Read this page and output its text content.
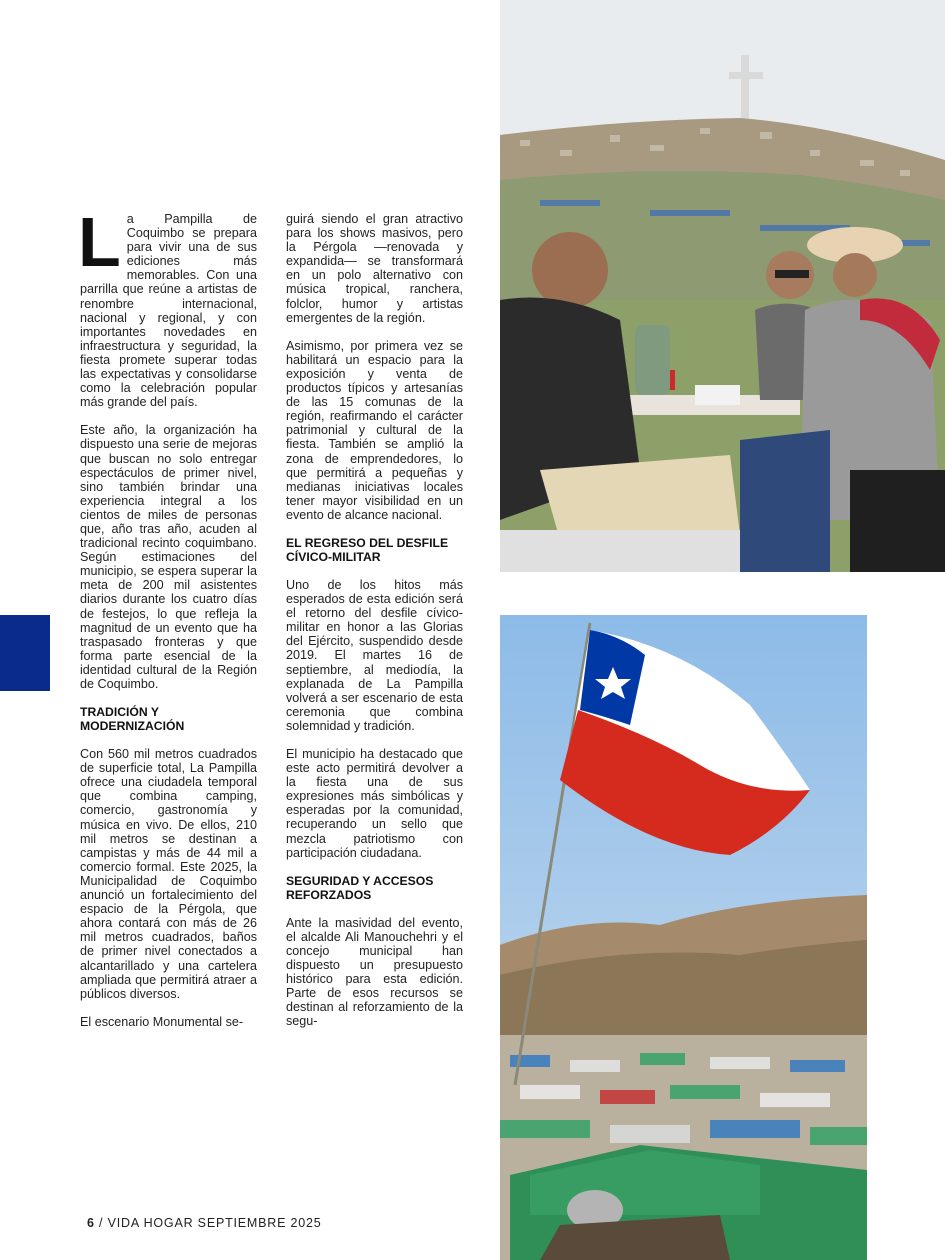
La Pampilla de Coquimbo se prepara para vivir una de sus ediciones más memorables. Con una parrilla que reúne a artistas de renombre internacional, nacional y regional, y con importantes novedades en infraestructura y seguridad, la fiesta promete superar todas las expectativas y consolidarse como la celebración popular más grande del país.

Este año, la organización ha dispuesto una serie de mejoras que buscan no solo entregar espectáculos de primer nivel, sino también brindar una experiencia integral a los cientos de miles de personas que, año tras año, acuden al tradicional recinto coquimbano. Según estimaciones del municipio, se espera superar la meta de 200 mil asistentes diarios durante los cuatro días de festejos, lo que refleja la magnitud de un evento que ha traspasado fronteras y que forma parte esencial de la identidad cultural de la Región de Coquimbo.

TRADICIÓN Y MODERNIZACIÓN

Con 560 mil metros cuadrados de superficie total, La Pampilla ofrece una ciudadela temporal que combina camping, comercio, gastronomía y música en vivo. De ellos, 210 mil metros se destinan a campistas y más de 44 mil a comercio formal. Este 2025, la Municipalidad de Coquimbo anunció un fortalecimiento del espacio de la Pérgola, que ahora contará con más de 26 mil metros cuadrados, baños de primer nivel conectados a alcantarillado y una cartelera ampliada que permitirá atraer a públicos diversos.

El escenario Monumental se-

guirá siendo el gran atractivo para los shows masivos, pero la Pérgola —renovada y expandida— se transformará en un polo alternativo con música tropical, ranchera, folclor, humor y artistas emergentes de la región.

Asimismo, por primera vez se habilitará un espacio para la exposición y venta de productos típicos y artesanías de las 15 comunas de la región, reafirmando el carácter patrimonial y cultural de la fiesta. También se amplió la zona de emprendedores, lo que permitirá a pequeñas y medianas iniciativas locales tener mayor visibilidad en un evento de alcance nacional.

EL REGRESO DEL DESFILE CÍVICO-MILITAR

Uno de los hitos más esperados de esta edición será el retorno del desfile cívico-militar en honor a las Glorias del Ejército, suspendido desde 2019. El martes 16 de septiembre, al mediodía, la explanada de La Pampilla volverá a ser escenario de esta ceremonia que combina solemnidad y tradición.

El municipio ha destacado que este acto permitirá devolver a la fiesta una de sus expresiones más simbólicas y esperadas por la comunidad, recuperando un sello que mezcla patriotismo con participación ciudadana.

SEGURIDAD Y ACCESOS REFORZADOS

Ante la masividad del evento, el alcalde Ali Manouchehri y el concejo municipal han dispuesto un presupuesto histórico para esta edición. Parte de esos recursos se destinan al reforzamiento de la segu-

6 / VIDA HOGAR SEPTIEMBRE 2025
